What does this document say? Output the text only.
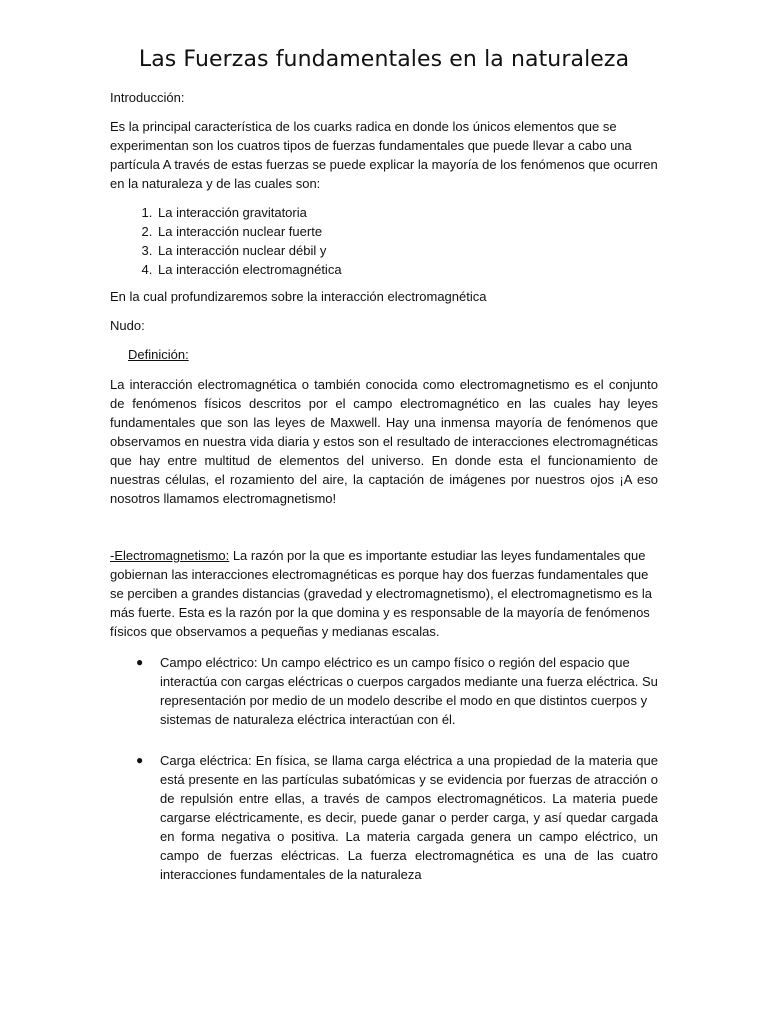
Las Fuerzas fundamentales en la naturaleza

Introducción:

Es la principal característica de los cuarks radica en donde los únicos elementos que se experimentan son los cuatros tipos de fuerzas fundamentales que puede llevar a cabo una partícula A través de estas fuerzas se puede explicar la mayoría de los fenómenos que ocurren en la naturaleza y de las cuales son:

1. La interacción gravitatoria
2. La interacción nuclear fuerte
3. La interacción nuclear débil y
4. La interacción electromagnética

En la cual profundizaremos sobre la interacción electromagnética

Nudo:

Definición:

La interacción electromagnética o también conocida como electromagnetismo es el conjunto de fenómenos físicos descritos por el campo electromagnético en las cuales hay leyes fundamentales que son las leyes de Maxwell. Hay una inmensa mayoría de fenómenos que observamos en nuestra vida diaria y estos son el resultado de interacciones electromagnéticas que hay entre multitud de elementos del universo. En donde esta el funcionamiento de nuestras células, el rozamiento del aire, la captación de imágenes por nuestros ojos ¡A eso nosotros llamamos electromagnetismo!

-Electromagnetismo: La razón por la que es importante estudiar las leyes fundamentales que gobiernan las interacciones electromagnéticas es porque hay dos fuerzas fundamentales que se perciben a grandes distancias (gravedad y electromagnetismo), el electromagnetismo es la más fuerte. Esta es la razón por la que domina y es responsable de la mayoría de fenómenos físicos que observamos a pequeñas y medianas escalas.

● Campo eléctrico: Un campo eléctrico es un campo físico o región del espacio que interactúa con cargas eléctricas o cuerpos cargados mediante una fuerza eléctrica. Su representación por medio de un modelo describe el modo en que distintos cuerpos y sistemas de naturaleza eléctrica interactúan con él.
● Carga eléctrica: En física, se llama carga eléctrica a una propiedad de la materia que está presente en las partículas subatómicas y se evidencia por fuerzas de atracción o de repulsión entre ellas, a través de campos electromagnéticos. La materia puede cargarse eléctricamente, es decir, puede ganar o perder carga, y así quedar cargada en forma negativa o positiva. La materia cargada genera un campo eléctrico, un campo de fuerzas eléctricas. La fuerza electromagnética es una de las cuatro interacciones fundamentales de la naturaleza
